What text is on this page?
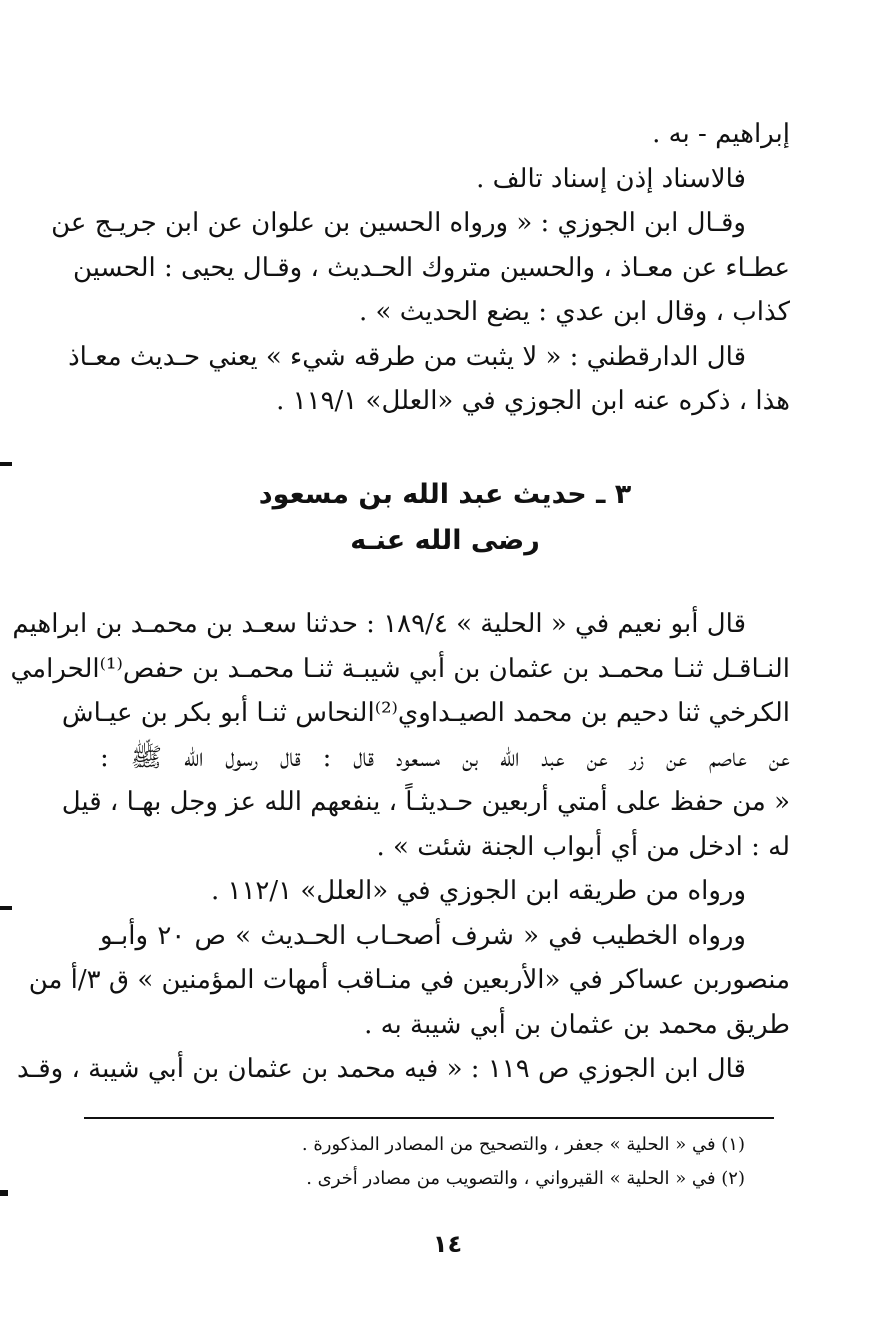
إبراهيم - به .
فالاسناد إذن إسناد تالف .
وقـال ابن الجوزي : « ورواه الحسين بن علوان عن ابن جريـج عن
عطـاء عن معـاذ ، والحسين متروك الحـديث ، وقـال يحيى : الحسين
كذاب ، وقال ابن عدي : يضع الحديث » .
قال الدارقطني : « لا يثبت من طرقه شيء » يعني حـديث معـاذ
هذا ، ذكره عنه ابن الجوزي في «العلل» ١١٩/١ .
٣ ـ حديث عبد الله بن مسعود
رضى الله عنـه
قال أبو نعيم في « الحلية » ١٨٩/٤ : حدثنا سعـد بن محمـد بن ابراهيم
النـاقـل ثنـا محمـد بن عثمان بن أبي شيبـة ثنـا محمـد بن حفص⁽¹⁾الحرامي
الكرخي ثنا دحيم بن محمد الصيـداوي⁽²⁾النحاس ثنـا أبو بكر بن عيـاش
عن عاصم عن زر عن عبد الله بن مسعود قال : قال رسول الله ﷺ :
« من حفظ على أمتي أربعين حـديثـاً ، ينفعهم الله عز وجل بهـا ، قيل
له : ادخل من أي أبواب الجنة شئت » .
ورواه من طريقه ابن الجوزي في «العلل» ١١٢/١ .
ورواه الخطيب في « شرف أصحـاب الحـديث » ص ٢٠ وأبـو
منصوربن عساكر في «الأربعين في منـاقب أمهات المؤمنين » ق ٣/أ من
طريق محمد بن عثمان بن أبي شيبة به .
قال ابن الجوزي ص ١١٩ : « فيه محمد بن عثمان بن أبي شيبة ، وقـد
(١) في « الحلية » جعفر ، والتصحيح من المصادر المذكورة .
(٢) في « الحلية » القيرواني ، والتصويب من مصادر أخرى .
١٤
